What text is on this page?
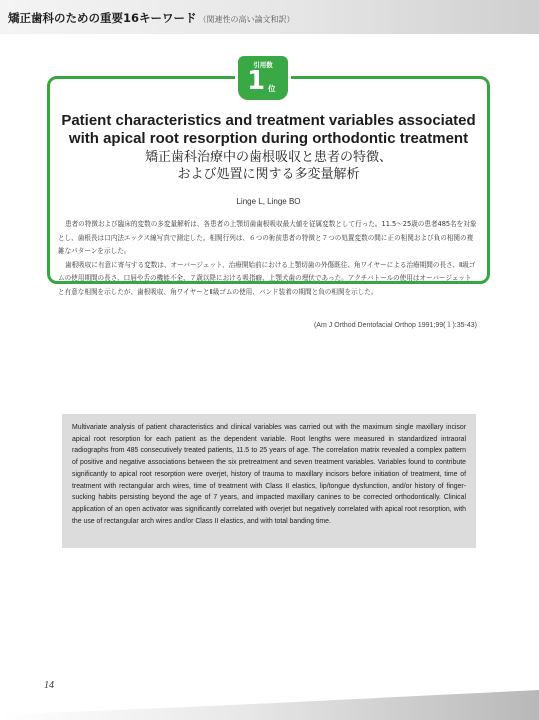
矯正歯科のための重要16キーワード （関連性の高い論文和訳）
引用数
1 位
Patient characteristics and treatment variables associated with apical root resorption during orthodontic treatment
矯正歯科治療中の歯根吸収と患者の特徴、
および処置に関する多変量解析
Linge L, Linge BO

患者の特徴および臨床的変数の多変量解析は、各患者の上顎切歯歯根吸収最大値を従属変数として行った。11.5〜25歳の患者485名を対象とし、歯根長は口内法エックス線写真で測定した。相関行列は、６つの術前患者の特徴と７つの処置変数の間に正の相関および負の相関の複雑なパターンを示した。

歯根吸収に有意に寄与する変数は、オーバージェット、治療開始前における上顎切歯の外傷既往、角ワイヤーによる治療期間の長さ、Ⅱ級ゴムの使用期間の長さ、口唇や舌の機能不全、７歳以降における吸指癖、上顎犬歯の埋伏であった。アクチバトールの使用はオーバージェットと有意な相関を示したが、歯根吸収、角ワイヤーとⅡ級ゴムの使用、バンド装着の期間と負の相関を示した。

(Am J Orthod Dentofacial Orthop 1991;99(１):35-43)

Multivariate analysis of patient characteristics and clinical variables was carried out with the maximum single maxillary incisor apical root resorption for each patient as the dependent variable. Root lengths were measured in standardized intraoral radiographs from 485 consecutively treated patients, 11.5 to 25 years of age. The correlation matrix revealed a complex pattern of positive and negative associations between the six pretreatment and seven treatment variables. Variables found to contribute significantly to apical root resorption were overjet, history of trauma to maxillary incisors before initiation of treatment, time of treatment with rectangular arch wires, time of treatment with Class II elastics, lip/tongue dysfunction, and/or history of finger-sucking habits persisting beyond the age of 7 years, and impacted maxillary canines to be corrected orthodontically. Clinical application of an open activator was significantly correlated with overjet but negatively correlated with apical root resorption, with the use of rectangular arch wires and/or Class II elastics, and with total banding time.

14
